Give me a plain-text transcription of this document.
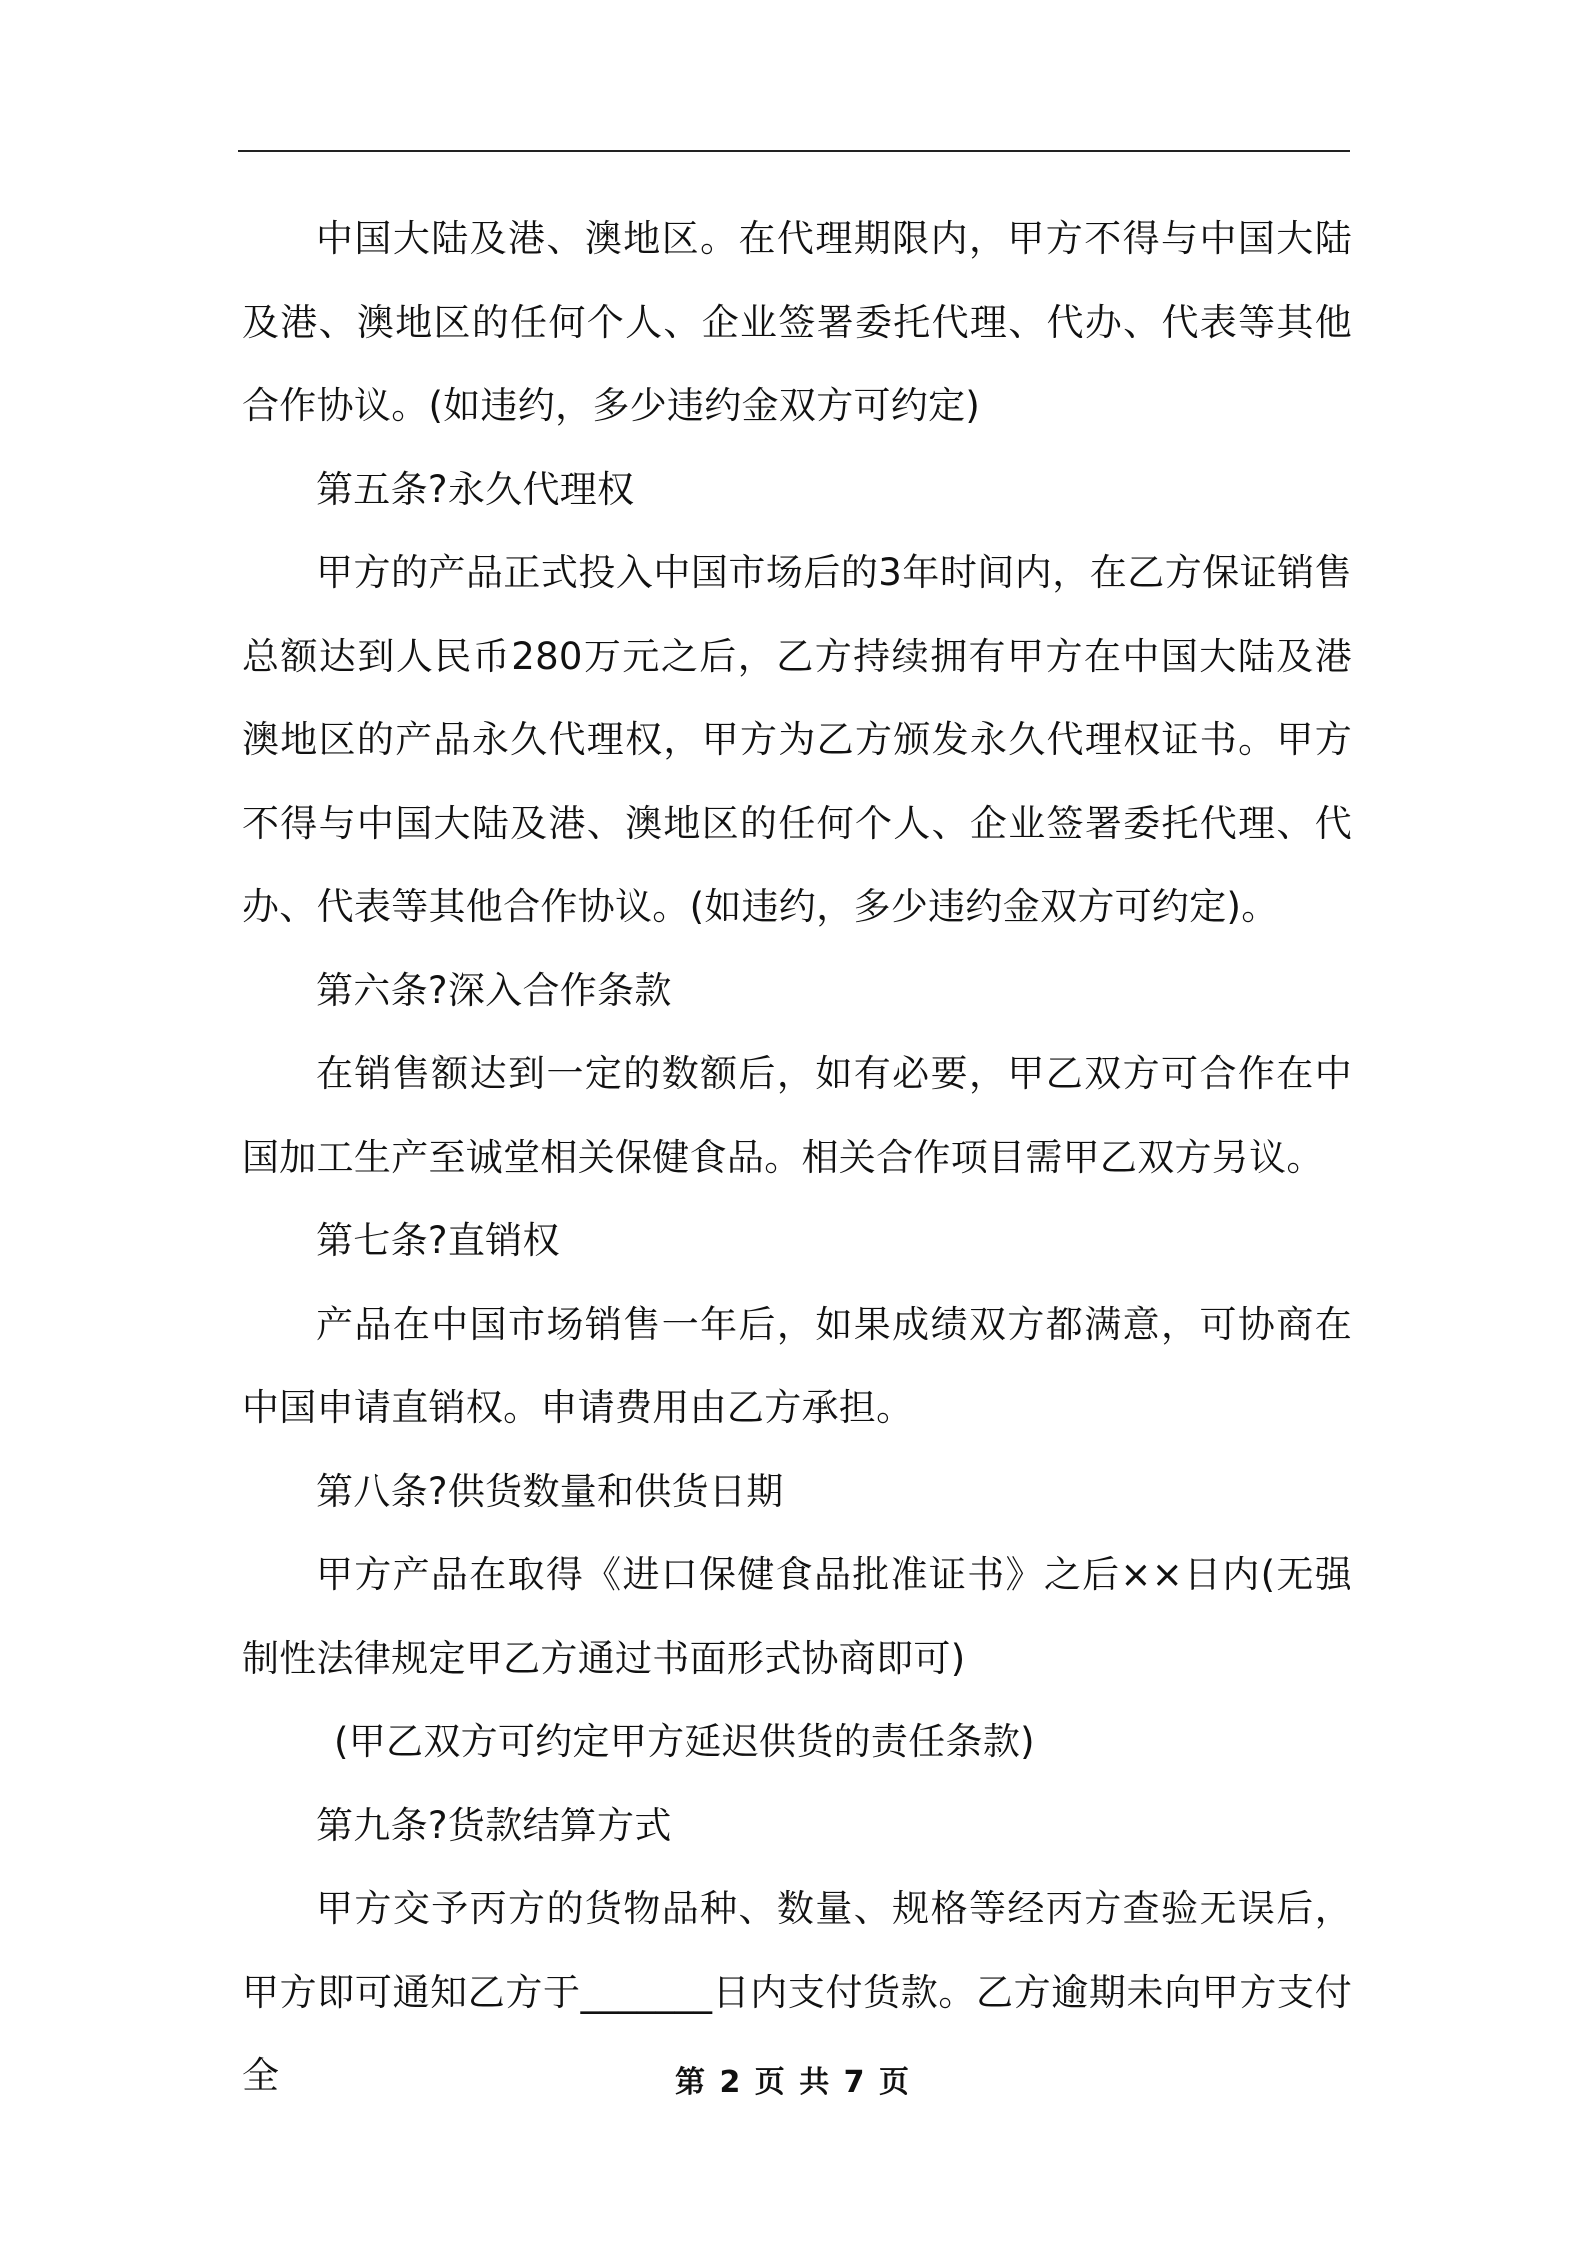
中国大陆及港、澳地区。在代理期限内，甲方不得与中国大陆及港、澳地区的任何个人、企业签署委托代理、代办、代表等其他合作协议。(如违约，多少违约金双方可约定)

第五条?永久代理权

甲方的产品正式投入中国市场后的3年时间内，在乙方保证销售总额达到人民币280万元之后，乙方持续拥有甲方在中国大陆及港澳地区的产品永久代理权，甲方为乙方颁发永久代理权证书。甲方不得与中国大陆及港、澳地区的任何个人、企业签署委托代理、代办、代表等其他合作协议。(如违约，多少违约金双方可约定)。

第六条?深入合作条款

在销售额达到一定的数额后，如有必要，甲乙双方可合作在中国加工生产至诚堂相关保健食品。相关合作项目需甲乙双方另议。

第七条?直销权

产品在中国市场销售一年后，如果成绩双方都满意，可协商在中国申请直销权。申请费用由乙方承担。

第八条?供货数量和供货日期

甲方产品在取得《进口保健食品批准证书》之后××日内(无强制性法律规定甲乙方通过书面形式协商即可)

(甲乙双方可约定甲方延迟供货的责任条款)

第九条?货款结算方式

甲方交予丙方的货物品种、数量、规格等经丙方查验无误后，甲方即可通知乙方于_______日内支付货款。乙方逾期未向甲方支付全	第 2 页 共 7 页
